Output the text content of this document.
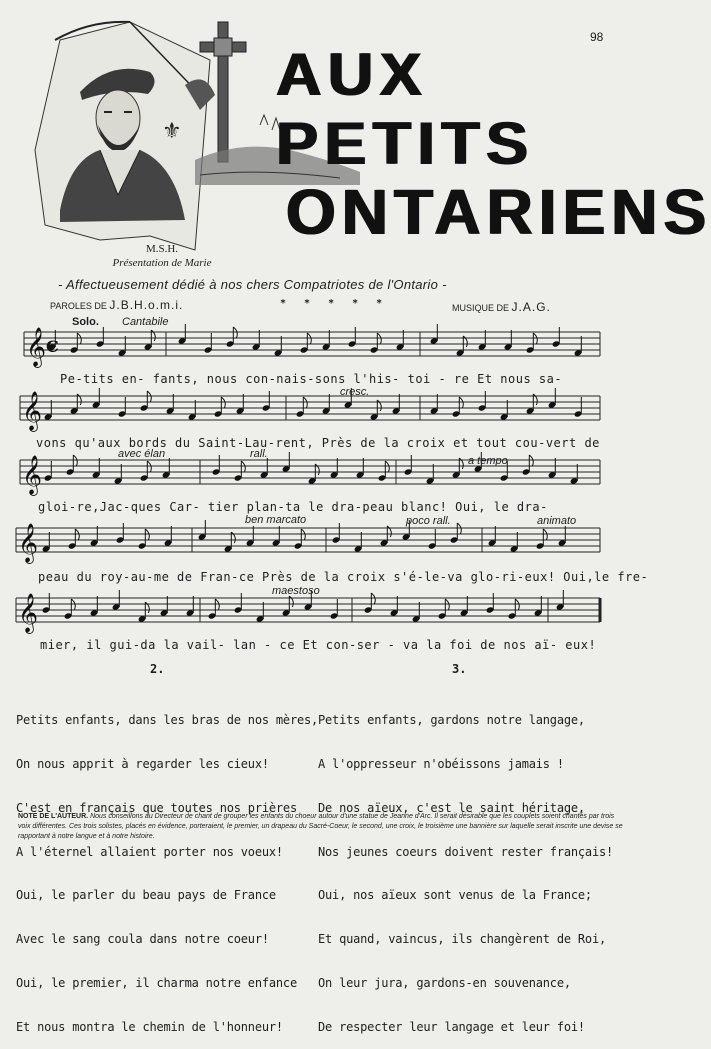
⚜
𝄞
𝄞
𝄞
𝄞
𝄞
C
98
AUX PETITS
ONTARIENS
M.S.H.
Présentation de Marie
- Affectueusement dédié à nos chers Compatriotes de l'Ontario -
PAROLES DE J.B.H.o.m.i.	* * * * *	MUSIQUE DE J.A.G.
Solo. Cantabile
cresc.
avec élan	rall.
a tempo
ben marcato	poco rall.	animato
maestoso
Pe-tits en- fants, nous con-nais-sons l'his- toi - re Et nous sa-
vons qu'aux bords du Saint-Lau-rent, Près de la croix et tout cou-vert de
gloi-re,Jac-ques Car- tier plan-ta le dra-peau blanc! Oui, le dra-
peau du roy-au-me de Fran-ce Près de la croix s'é-le-va glo-ri-eux! Oui,le fre-
mier, il gui-da la vail- lan - ce Et con-ser - va la foi de nos aï- eux!
2.	3.

Petits enfants, dans les bras de nos mères,

On nous apprit à regarder les cieux!

C'est en français que toutes nos prières

A l'éternel allaient porter nos voeux!

Oui, le parler du beau pays de France

Avec le sang coula dans notre coeur!

Oui, le premier, il charma notre enfance

Et nous montra le chemin de l'honneur!

Petits enfants, gardons notre langage,

A l'oppresseur n'obéissons jamais !

De nos aïeux, c'est le saint héritage,

Nos jeunes coeurs doivent rester français!

Oui, nos aïeux sont venus de la France;

Et quand, vaincus, ils changèrent de Roi,

On leur jura, gardons-en souvenance,

De respecter leur langage et leur foi!

NOTE DE L'AUTEUR. Nous conseillons au Directeur de chant de grouper les enfants du choeur autour d'une statue de Jeanne d'Arc. Il serait désirable que les couplets soient chantés par trois voix différentes. Ces trois solistes, placés en évidence, porteraient, le premier, un drapeau du Sacré-Coeur, le second, une croix, le troisième une bannière sur laquelle serait inscrite une devise se rapportant à notre langue et à notre histoire.
